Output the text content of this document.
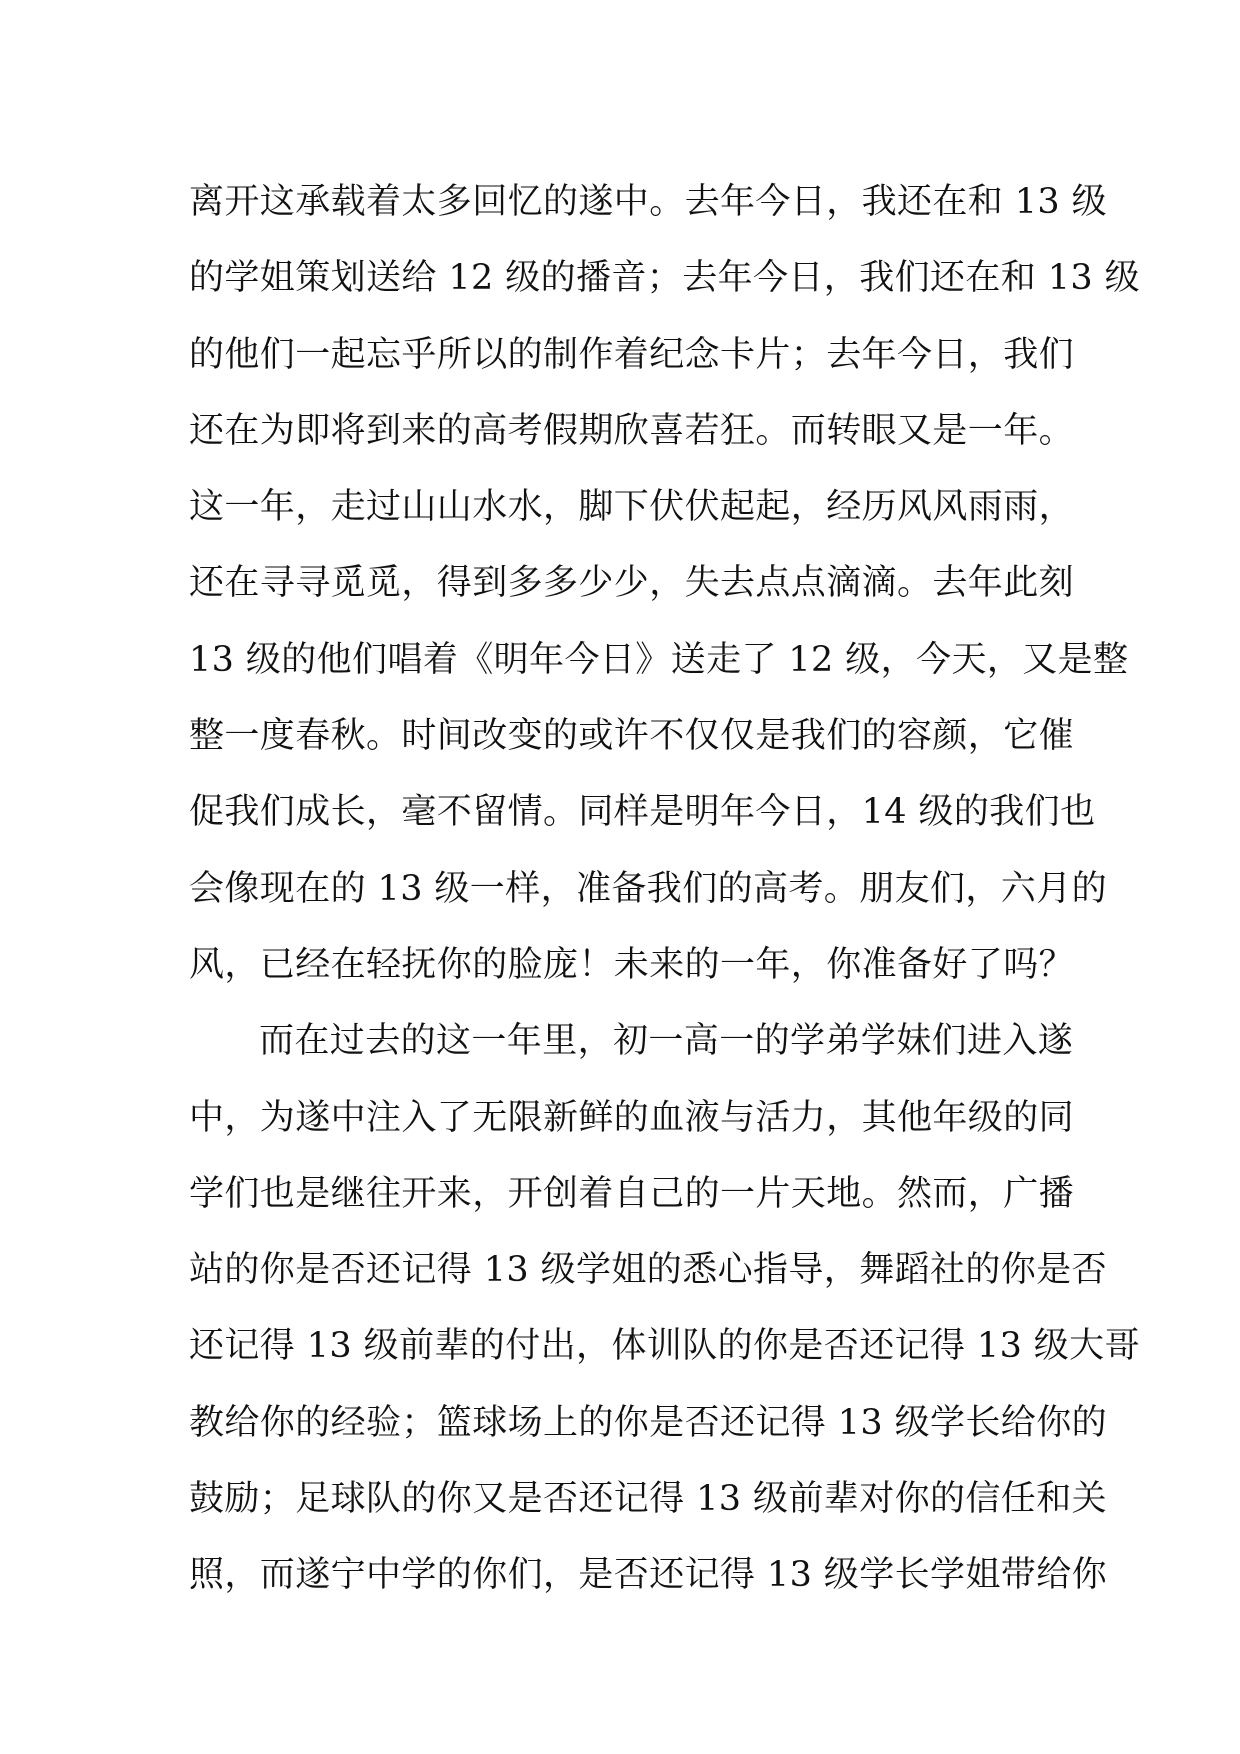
离开这承载着太多回忆的遂中。去年今日，我还在和 13 级
的学姐策划送给 12 级的播音；去年今日，我们还在和 13 级
的他们一起忘乎所以的制作着纪念卡片；去年今日，我们
还在为即将到来的高考假期欣喜若狂。而转眼又是一年。
这一年，走过山山水水，脚下伏伏起起，经历风风雨雨，
还在寻寻觅觅，得到多多少少，失去点点滴滴。去年此刻
13 级的他们唱着《明年今日》送走了 12 级，今天，又是整
整一度春秋。时间改变的或许不仅仅是我们的容颜，它催
促我们成长，毫不留情。同样是明年今日，14 级的我们也
会像现在的 13 级一样，准备我们的高考。朋友们，六月的
风，已经在轻抚你的脸庞！未来的一年，你准备好了吗？
而在过去的这一年里，初一高一的学弟学妹们进入遂
中，为遂中注入了无限新鲜的血液与活力，其他年级的同
学们也是继往开来，开创着自己的一片天地。然而，广播
站的你是否还记得 13 级学姐的悉心指导，舞蹈社的你是否
还记得 13 级前辈的付出，体训队的你是否还记得 13 级大哥
教给你的经验；篮球场上的你是否还记得 13 级学长给你的
鼓励；足球队的你又是否还记得 13 级前辈对你的信任和关
照，而遂宁中学的你们，是否还记得 13 级学长学姐带给你
